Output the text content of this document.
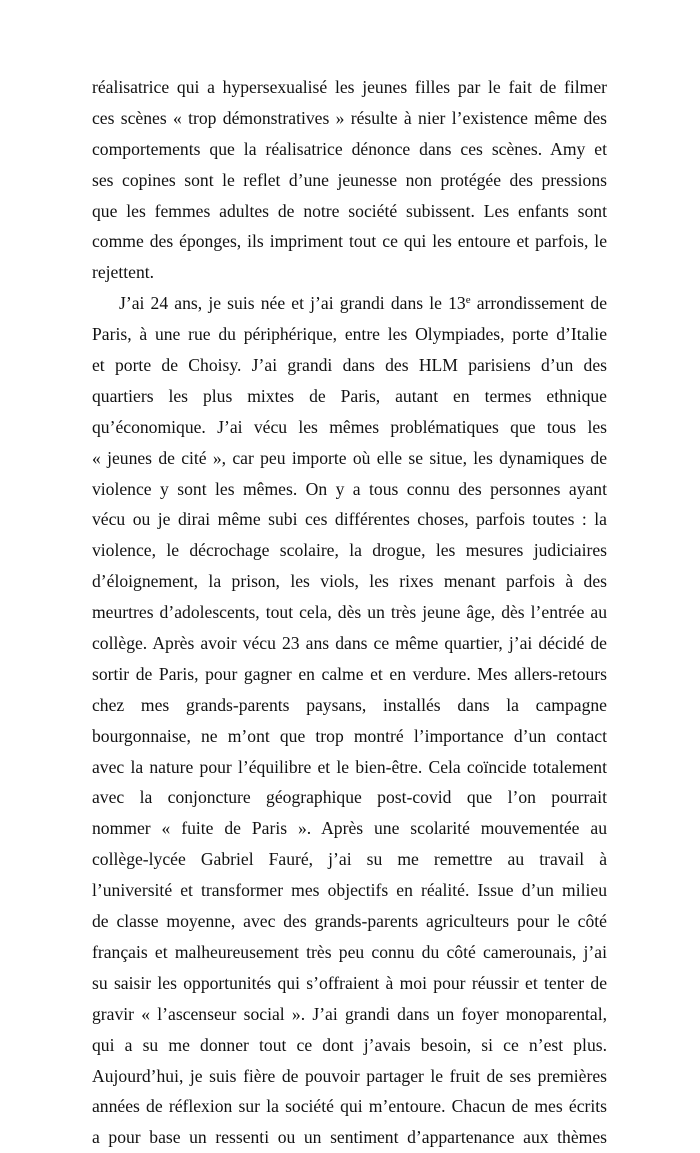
réalisatrice qui a hypersexualisé les jeunes filles par le fait de filmer
ces scènes « trop démonstratives » résulte à nier l’existence même des
comportements que la réalisatrice dénonce dans ces scènes. Amy et
ses copines sont le reflet d’une jeunesse non protégée des pressions
que les femmes adultes de notre société subissent. Les enfants sont
comme des éponges, ils impriment tout ce qui les entoure et parfois, le
rejettent.
J’ai 24 ans, je suis née et j’ai grandi dans le 13e arrondissement de
Paris, à une rue du périphérique, entre les Olympiades, porte d’Italie
et porte de Choisy. J’ai grandi dans des HLM parisiens d’un des
quartiers les plus mixtes de Paris, autant en termes ethnique
qu’économique. J’ai vécu les mêmes problématiques que tous les
« jeunes de cité », car peu importe où elle se situe, les dynamiques de
violence y sont les mêmes. On y a tous connu des personnes ayant
vécu ou je dirai même subi ces différentes choses, parfois toutes : la
violence, le décrochage scolaire, la drogue, les mesures judiciaires
d’éloignement, la prison, les viols, les rixes menant parfois à des
meurtres d’adolescents, tout cela, dès un très jeune âge, dès l’entrée au
collège. Après avoir vécu 23 ans dans ce même quartier, j’ai décidé de
sortir de Paris, pour gagner en calme et en verdure. Mes allers-retours
chez mes grands-parents paysans, installés dans la campagne
bourgonnaise, ne m’ont que trop montré l’importance d’un contact
avec la nature pour l’équilibre et le bien-être. Cela coïncide totalement
avec la conjoncture géographique post-covid que l’on pourrait
nommer « fuite de Paris ». Après une scolarité mouvementée au
collège-lycée Gabriel Fauré, j’ai su me remettre au travail à
l’université et transformer mes objectifs en réalité. Issue d’un milieu
de classe moyenne, avec des grands-parents agriculteurs pour le côté
français et malheureusement très peu connu du côté camerounais, j’ai
su saisir les opportunités qui s’offraient à moi pour réussir et tenter de
gravir « l’ascenseur social ». J’ai grandi dans un foyer monoparental,
qui a su me donner tout ce dont j’avais besoin, si ce n’est plus.
Aujourd’hui, je suis fière de pouvoir partager le fruit de ses premières
années de réflexion sur la société qui m’entoure. Chacun de mes écrits
a pour base un ressenti ou un sentiment d’appartenance aux thèmes
